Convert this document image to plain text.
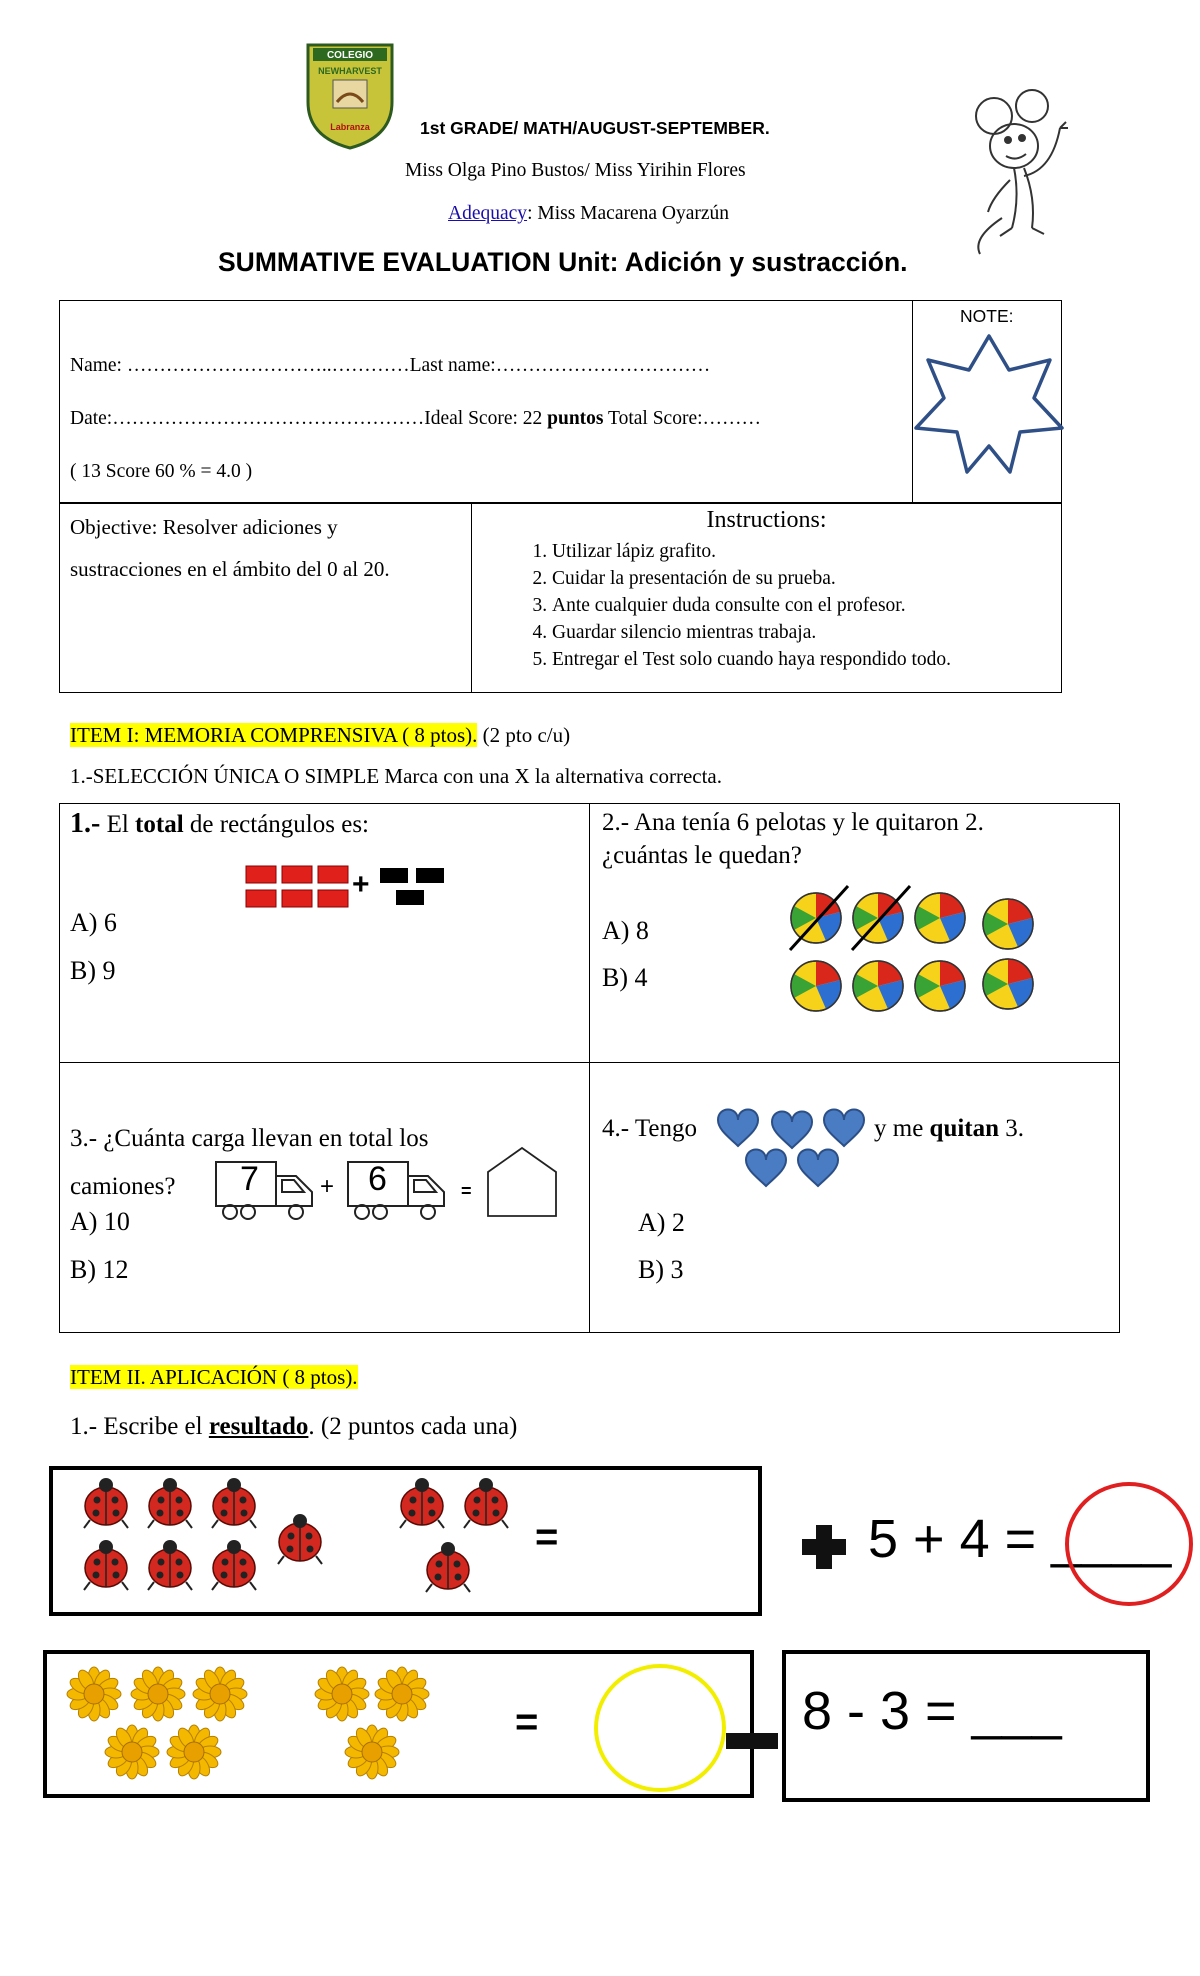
COLEGIO
NEWHARVEST
Labranza	1st GRADE/ MATH/AUGUST-SEPTEMBER.
Miss Olga Pino Bustos/ Miss Yirihin Flores
Adequacy: Miss Macarena Oyarzún
SUMMATIVE EVALUATION Unit: Adición y sustracción.
NOTE:
Name: …………………………..…………Last name:……………………………
Date:…………………………………………Ideal Score: 22 puntos Total Score:………
( 13 Score 60 % = 4.0 )
Objective: Resolver adiciones y
sustracciones en el ámbito del 0 al 20.
Instructions:
1. Utilizar lápiz grafito.
2. Cuidar la presentación de su prueba.
3. Ante cualquier duda consulte con el profesor.
4. Guardar silencio mientras trabaja.
5. Entregar el Test solo cuando haya respondido todo.
ITEM I: MEMORIA COMPRENSIVA ( 8 ptos). (2 pto c/u)
1.-SELECCIÓN ÚNICA O SIMPLE Marca con una X la alternativa correcta.
1.- El total de rectángulos es:
+
A) 6
B) 9
2.- Ana tenía 6 pelotas y le quitaron 2.
¿cuántas le quedan?
A) 8
B) 4
3.- ¿Cuánta carga llevan en total los
camiones?
A) 10
B) 12
7	+ 6	=
4.- Tengo	y me quitan 3.
A) 2
B) 3
ITEM II. APLICACIÓN ( 8 ptos).
1.- Escribe el resultado. (2 puntos cada una)
=	5 + 4 = ____
=	8 - 3 = ___
